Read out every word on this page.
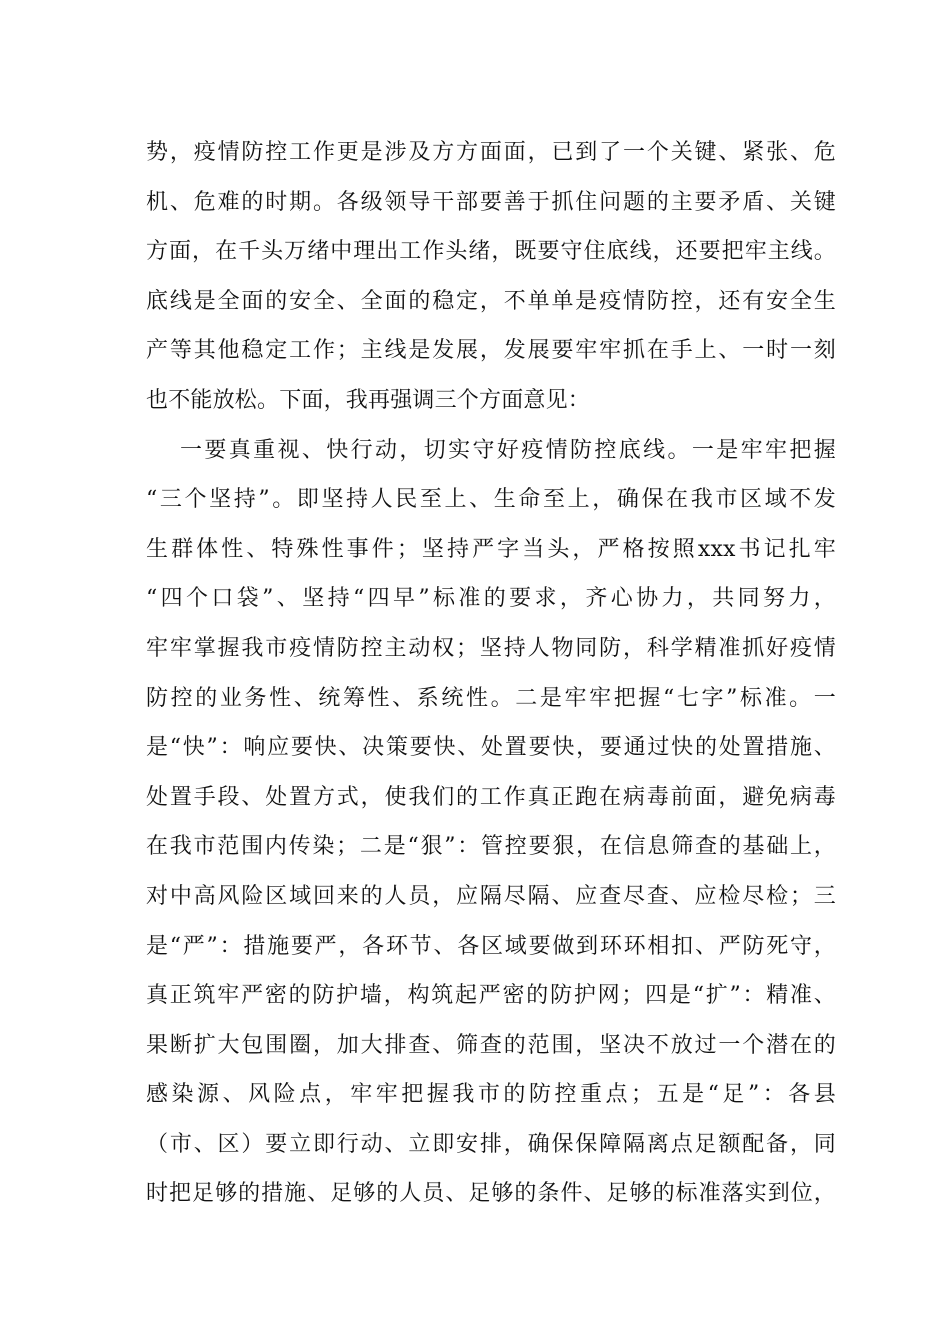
势，疫情防控工作更是涉及方方面面，已到了一个关键、紧张、危
机、危难的时期。各级领导干部要善于抓住问题的主要矛盾、关键
方面，在千头万绪中理出工作头绪，既要守住底线，还要把牢主线。
底线是全面的安全、全面的稳定，不单单是疫情防控，还有安全生
产等其他稳定工作；主线是发展，发展要牢牢抓在手上、一时一刻
也不能放松。下面，我再强调三个方面意见：
一要真重视、快行动，切实守好疫情防控底线。一是牢牢把握
“三个坚持”。即坚持人民至上、生命至上，确保在我市区域不发
生群体性、特殊性事件；坚持严字当头，严格按照xxx书记扎牢
“四个口袋”、坚持“四早”标准的要求，齐心协力，共同努力，
牢牢掌握我市疫情防控主动权；坚持人物同防，科学精准抓好疫情
防控的业务性、统筹性、系统性。二是牢牢把握“七字”标准。一
是“快”：响应要快、决策要快、处置要快，要通过快的处置措施、
处置手段、处置方式，使我们的工作真正跑在病毒前面，避免病毒
在我市范围内传染；二是“狠”：管控要狠，在信息筛查的基础上，
对中高风险区域回来的人员，应隔尽隔、应查尽查、应检尽检；三
是“严”：措施要严，各环节、各区域要做到环环相扣、严防死守，
真正筑牢严密的防护墙，构筑起严密的防护网；四是“扩”：精准、
果断扩大包围圈，加大排查、筛查的范围，坚决不放过一个潜在的
感染源、风险点，牢牢把握我市的防控重点；五是“足”：各县
（市、区）要立即行动、立即安排，确保保障隔离点足额配备，同
时把足够的措施、足够的人员、足够的条件、足够的标准落实到位，
